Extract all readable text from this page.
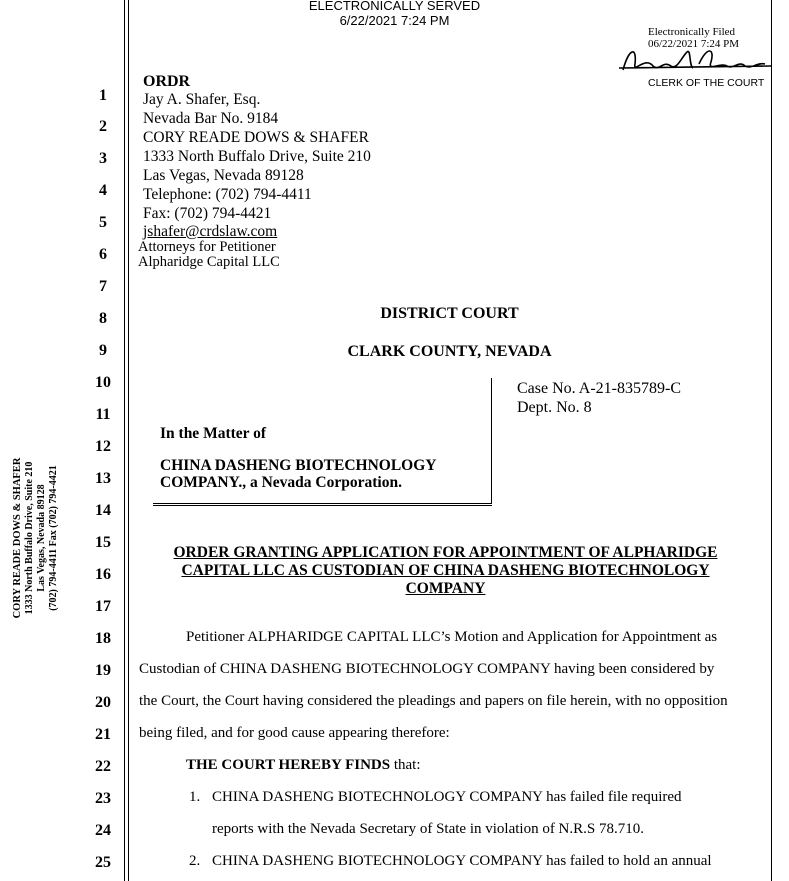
ELECTRONICALLY SERVED
6/22/2021 7:24 PM
Electronically Filed
06/22/2021 7:24 PM
CLERK OF THE COURT
ORDR
Jay A. Shafer, Esq.
Nevada Bar No. 9184
CORY READE DOWS & SHAFER
1333 North Buffalo Drive, Suite 210
Las Vegas, Nevada 89128
Telephone: (702) 794-4411
Fax: (702) 794-4421
jshafer@crdslaw.com
Attorneys for Petitioner
Alpharidge Capital LLC
1
2
3
4
5
6
7
8
9
10
11
12
13
14
15
16
17
18
19
20
21
22
23
24
25
DISTRICT COURT
CLARK COUNTY, NEVADA
Case No. A-21-835789-C
Dept. No. 8
In the Matter of
CHINA DASHENG BIOTECHNOLOGY
COMPANY., a Nevada Corporation.
ORDER GRANTING APPLICATION FOR APPOINTMENT OF ALPHARIDGE
CAPITAL LLC AS CUSTODIAN OF CHINA DASHENG BIOTECHNOLOGY
COMPANY
Petitioner ALPHARIDGE CAPITAL LLC’s Motion and Application for Appointment as
Custodian of CHINA DASHENG BIOTECHNOLOGY COMPANY having been considered by
the Court, the Court having considered the pleadings and papers on file herein, with no opposition
being filed, and for good cause appearing therefore:
THE COURT HEREBY FINDS that:
1. CHINA DASHENG BIOTECHNOLOGY COMPANY has failed file required
reports with the Nevada Secretary of State in violation of N.R.S 78.710.
2. CHINA DASHENG BIOTECHNOLOGY COMPANY has failed to hold an annual
CORY READE DOWS & SHAFER 1333 North Buffalo Drive, Suite 210 Las Vegas, Nevada 89128 (702) 794-4411 Fax (702) 794-4421
